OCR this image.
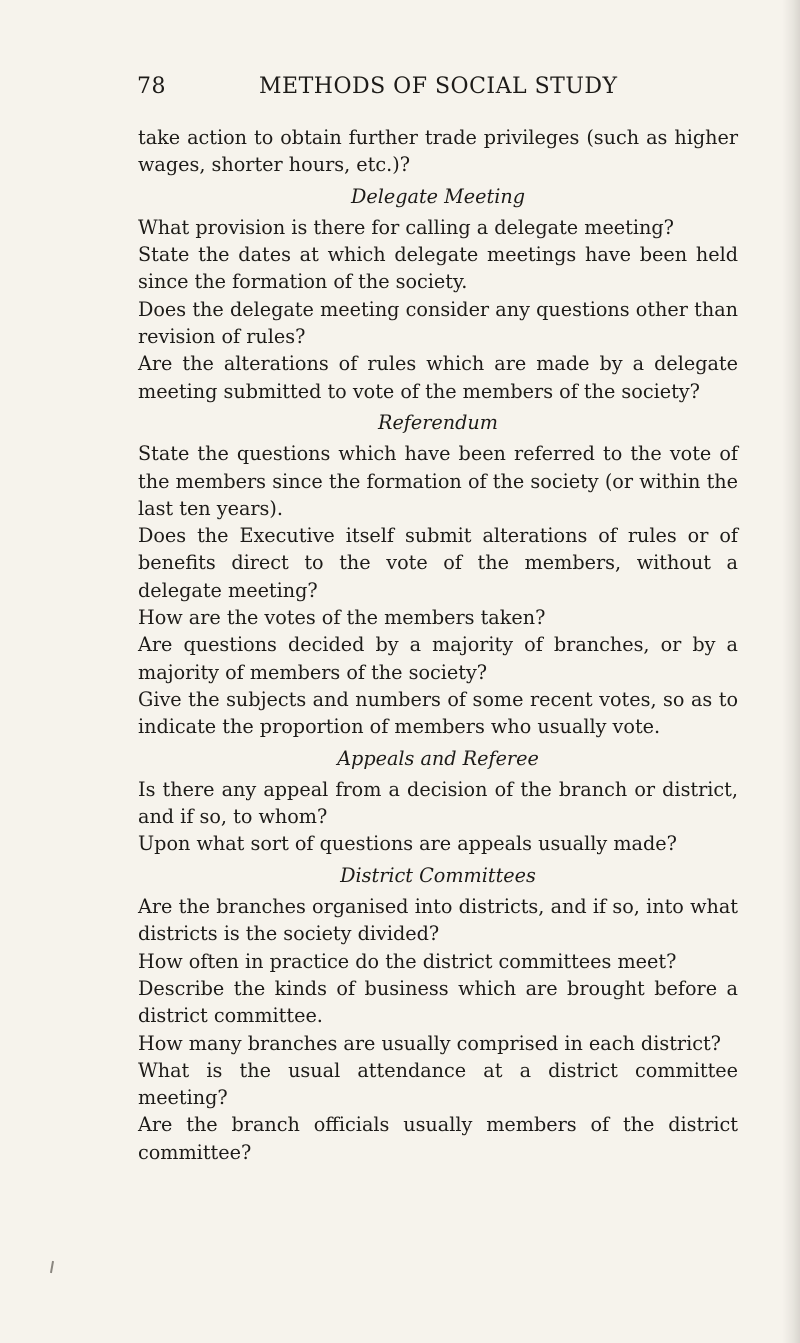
78	METHODS OF SOCIAL STUDY

take action to obtain further trade privileges (such as higher wages, shorter hours, etc.)?

Delegate Meeting

What provision is there for calling a delegate meeting?

State the dates at which delegate meetings have been held since the formation of the society.

Does the delegate meeting consider any questions other than revision of rules?

Are the alterations of rules which are made by a delegate meeting submitted to vote of the members of the society?

Referendum

State the questions which have been referred to the vote of the members since the formation of the society (or within the last ten years).

Does the Executive itself submit alterations of rules or of benefits direct to the vote of the members, without a delegate meeting?

How are the votes of the members taken?

Are questions decided by a majority of branches, or by a majority of members of the society?

Give the subjects and numbers of some recent votes, so as to indicate the proportion of members who usually vote.

Appeals and Referee

Is there any appeal from a decision of the branch or district, and if so, to whom?

Upon what sort of questions are appeals usually made?

District Committees

Are the branches organised into districts, and if so, into what districts is the society divided?

How often in practice do the district committees meet?

Describe the kinds of business which are brought before a district committee.

How many branches are usually comprised in each district?

What is the usual attendance at a district committee meeting?

Are the branch officials usually members of the district committee?
